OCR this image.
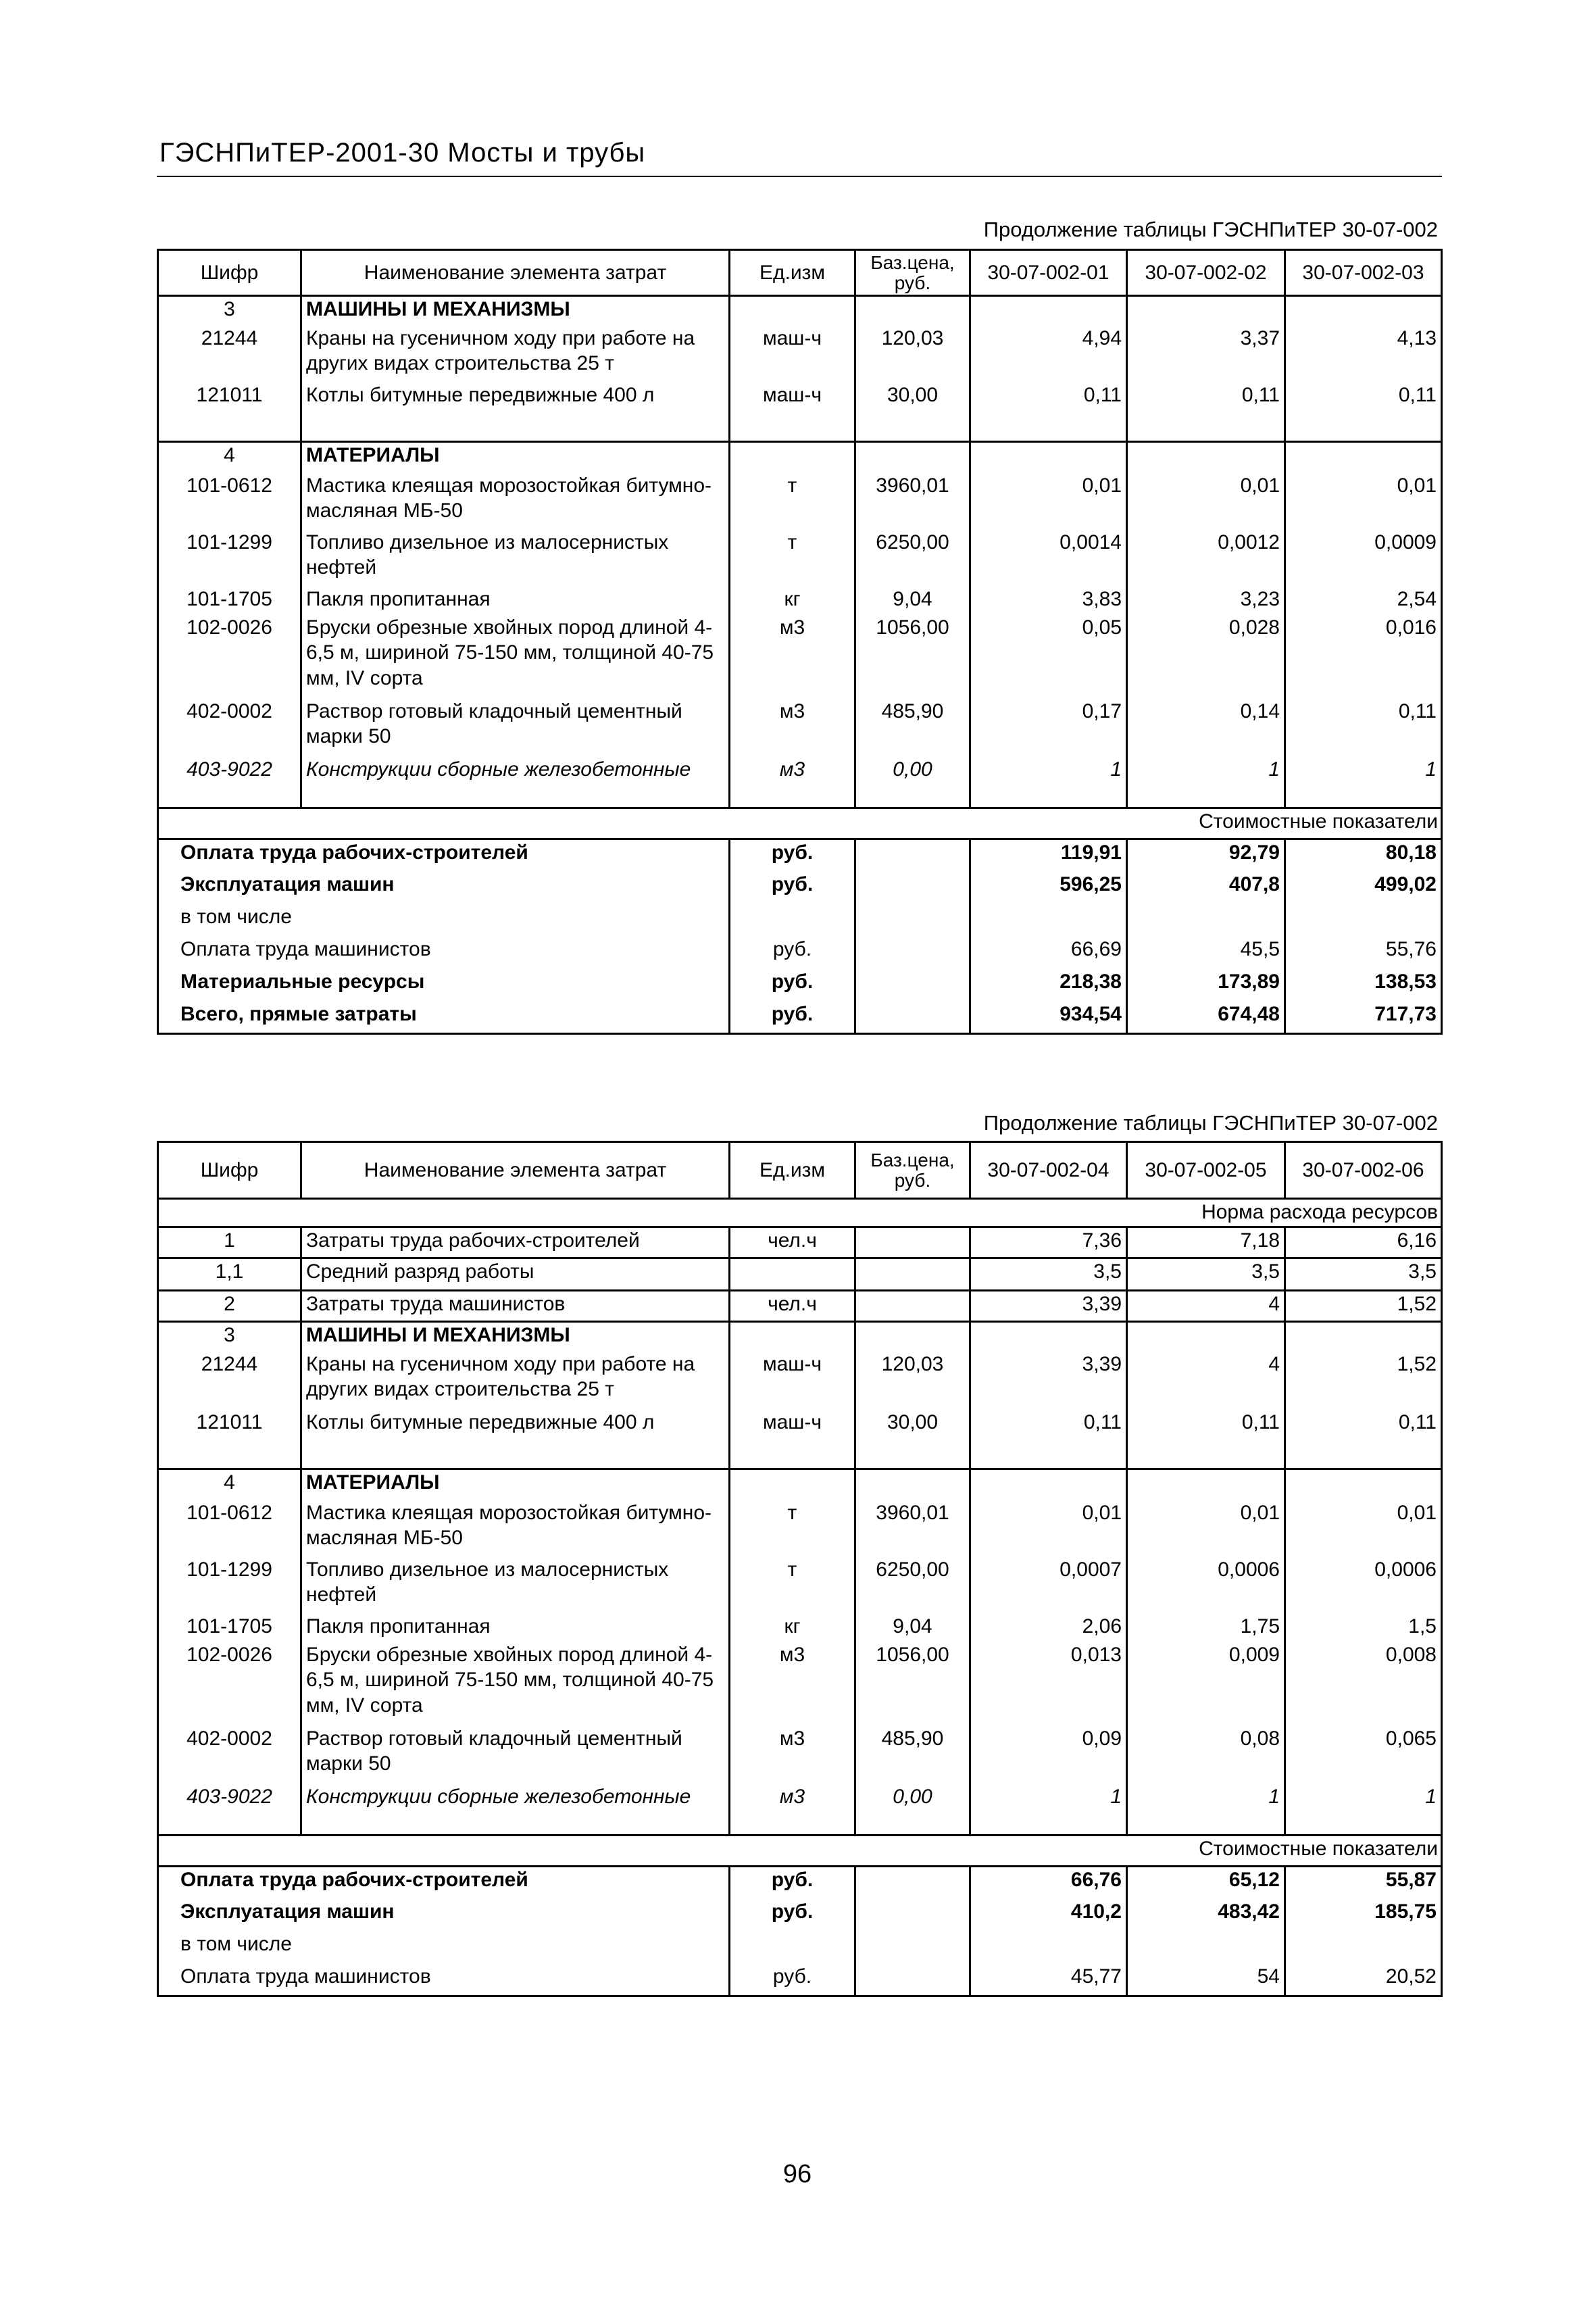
ГЭСНПиТЕР-2001-30 Мосты и трубы
Продолжение таблицы ГЭСНПиТЕР 30-07-002
Шифр	Наименование элемента затрат	Ед.изм	Баз.цена, руб.	30-07-002-01	30-07-002-02	30-07-002-03
3	МАШИНЫ И МЕХАНИЗМЫ					
21244	Краны на гусеничном ходу при работе на других видах строительства 25 т	маш-ч	120,03	4,94	3,37	4,13
121011	Котлы битумные передвижные 400 л	маш-ч	30,00	0,11	0,11	0,11
4	МАТЕРИАЛЫ					
101-0612	Мастика клеящая морозостойкая битумно-масляная МБ-50	т	3960,01	0,01	0,01	0,01
101-1299	Топливо дизельное из малосернистых нефтей	т	6250,00	0,0014	0,0012	0,0009
101-1705	Пакля пропитанная	кг	9,04	3,83	3,23	2,54
102-0026	Бруски обрезные хвойных пород длиной 4-6,5 м, шириной 75-150 мм, толщиной 40-75 мм, IV сорта	м3	1056,00	0,05	0,028	0,016
402-0002	Раствор готовый кладочный цементный марки 50	м3	485,90	0,17	0,14	0,11
403-9022	Конструкции сборные железобетонные	м3	0,00	1	1	1
Стоимостные показатели						
Оплата труда рабочих-строителей		руб.		119,91	92,79	80,18
Эксплуатация машин		руб.		596,25	407,8	499,02
в том числе						
Оплата труда машинистов		руб.		66,69	45,5	55,76
Материальные ресурсы		руб.		218,38	173,89	138,53
Всего, прямые затраты		руб.		934,54	674,48	717,73
Продолжение таблицы ГЭСНПиТЕР 30-07-002
Шифр	Наименование элемента затрат	Ед.изм	Баз.цена, руб.	30-07-002-04	30-07-002-05	30-07-002-06
Норма расхода ресурсов						
1	Затраты труда рабочих-строителей	чел.ч		7,36	7,18	6,16
1,1	Средний разряд работы			3,5	3,5	3,5
2	Затраты труда машинистов	чел.ч		3,39	4	1,52
3	МАШИНЫ И МЕХАНИЗМЫ					
21244	Краны на гусеничном ходу при работе на других видах строительства 25 т	маш-ч	120,03	3,39	4	1,52
121011	Котлы битумные передвижные 400 л	маш-ч	30,00	0,11	0,11	0,11
4	МАТЕРИАЛЫ					
101-0612	Мастика клеящая морозостойкая битумно-масляная МБ-50	т	3960,01	0,01	0,01	0,01
101-1299	Топливо дизельное из малосернистых нефтей	т	6250,00	0,0007	0,0006	0,0006
101-1705	Пакля пропитанная	кг	9,04	2,06	1,75	1,5
102-0026	Бруски обрезные хвойных пород длиной 4-6,5 м, шириной 75-150 мм, толщиной 40-75 мм, IV сорта	м3	1056,00	0,013	0,009	0,008
402-0002	Раствор готовый кладочный цементный марки 50	м3	485,90	0,09	0,08	0,065
403-9022	Конструкции сборные железобетонные	м3	0,00	1	1	1
Стоимостные показатели						
Оплата труда рабочих-строителей		руб.		66,76	65,12	55,87
Эксплуатация машин		руб.		410,2	483,42	185,75
в том числе						
Оплата труда машинистов		руб.		45,77	54	20,52
96
